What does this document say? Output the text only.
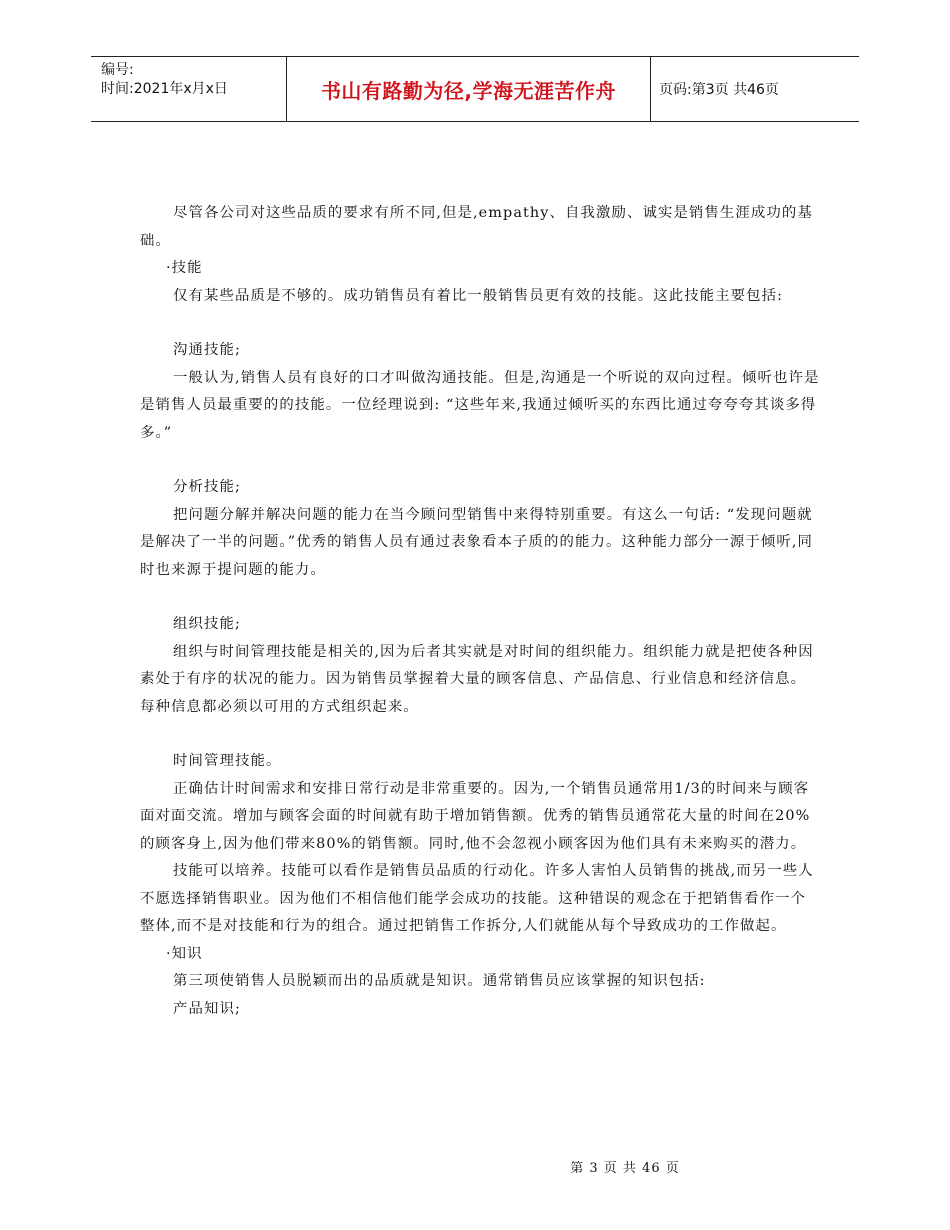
编号:
时间:2021年x月x日	书山有路勤为径,学海无涯苦作舟	页码:第3页 共46页

尽管各公司对这些品质的要求有所不同,但是,empathy、自我激励、诚实是销售生涯成功的基础。

·技能

仅有某些品质是不够的。成功销售员有着比一般销售员更有效的技能。这此技能主要包括:

沟通技能;

一般认为,销售人员有良好的口才叫做沟通技能。但是,沟通是一个听说的双向过程。倾听也许是是销售人员最重要的的技能。一位经理说到: “这些年来,我通过倾听买的东西比通过夸夸夸其谈多得多。”

分析技能;

把问题分解并解决问题的能力在当今顾问型销售中来得特别重要。有这么一句话: “发现问题就是解决了一半的问题。”优秀的销售人员有通过表象看本子质的的能力。这种能力部分一源于倾听,同时也来源于提问题的能力。

组织技能;

组织与时间管理技能是相关的,因为后者其实就是对时间的组织能力。组织能力就是把使各种因素处于有序的状况的能力。因为销售员掌握着大量的顾客信息、产品信息、行业信息和经济信息。每种信息都必须以可用的方式组织起来。

时间管理技能。

正确估计时间需求和安排日常行动是非常重要的。因为,一个销售员通常用1/3的时间来与顾客面对面交流。增加与顾客会面的时间就有助于增加销售额。优秀的销售员通常花大量的时间在20%的顾客身上,因为他们带来80%的销售额。同时,他不会忽视小顾客因为他们具有未来购买的潜力。

技能可以培养。技能可以看作是销售员品质的行动化。许多人害怕人员销售的挑战,而另一些人不愿选择销售职业。因为他们不相信他们能学会成功的技能。这种错误的观念在于把销售看作一个整体,而不是对技能和行为的组合。通过把销售工作拆分,人们就能从每个导致成功的工作做起。

·知识

第三项使销售人员脱颖而出的品质就是知识。通常销售员应该掌握的知识包括:

产品知识;

第 3 页 共 46 页
